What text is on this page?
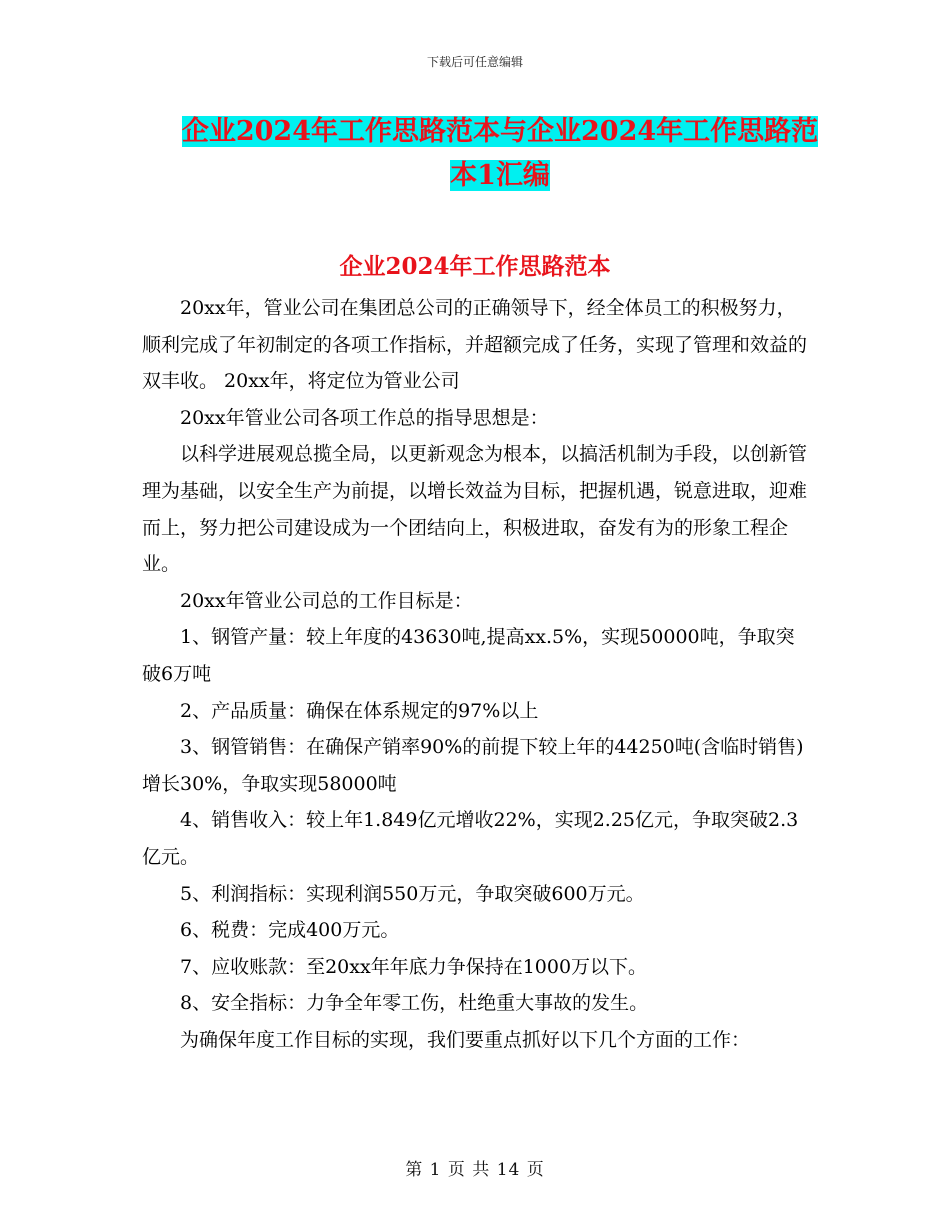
下载后可任意编辑
企业2024年工作思路范本与企业2024年工作思路范
本1汇编
企业2024年工作思路范本

20xx年，管业公司在集团总公司的正确领导下，经全体员工的积极努力，顺利完成了年初制定的各项工作指标，并超额完成了任务，实现了管理和效益的双丰收。 20xx年，将定位为管业公司

20xx年管业公司各项工作总的指导思想是：

以科学进展观总揽全局，以更新观念为根本，以搞活机制为手段，以创新管理为基础，以安全生产为前提，以增长效益为目标，把握机遇，锐意进取，迎难而上，努力把公司建设成为一个团结向上，积极进取，奋发有为的形象工程企业。

20xx年管业公司总的工作目标是：

1、钢管产量：较上年度的43630吨,提高xx.5%，实现50000吨，争取突破6万吨

2、产品质量：确保在体系规定的97%以上

3、钢管销售：在确保产销率90%的前提下较上年的44250吨(含临时销售)增长30%，争取实现58000吨

4、销售收入：较上年1.849亿元增收22%，实现2.25亿元，争取突破2.3亿元。

5、利润指标：实现利润550万元，争取突破600万元。

6、税费：完成400万元。

7、应收账款：至20xx年年底力争保持在1000万以下。

8、安全指标：力争全年零工伤，杜绝重大事故的发生。

为确保年度工作目标的实现，我们要重点抓好以下几个方面的工作：

第 1 页 共 14 页
